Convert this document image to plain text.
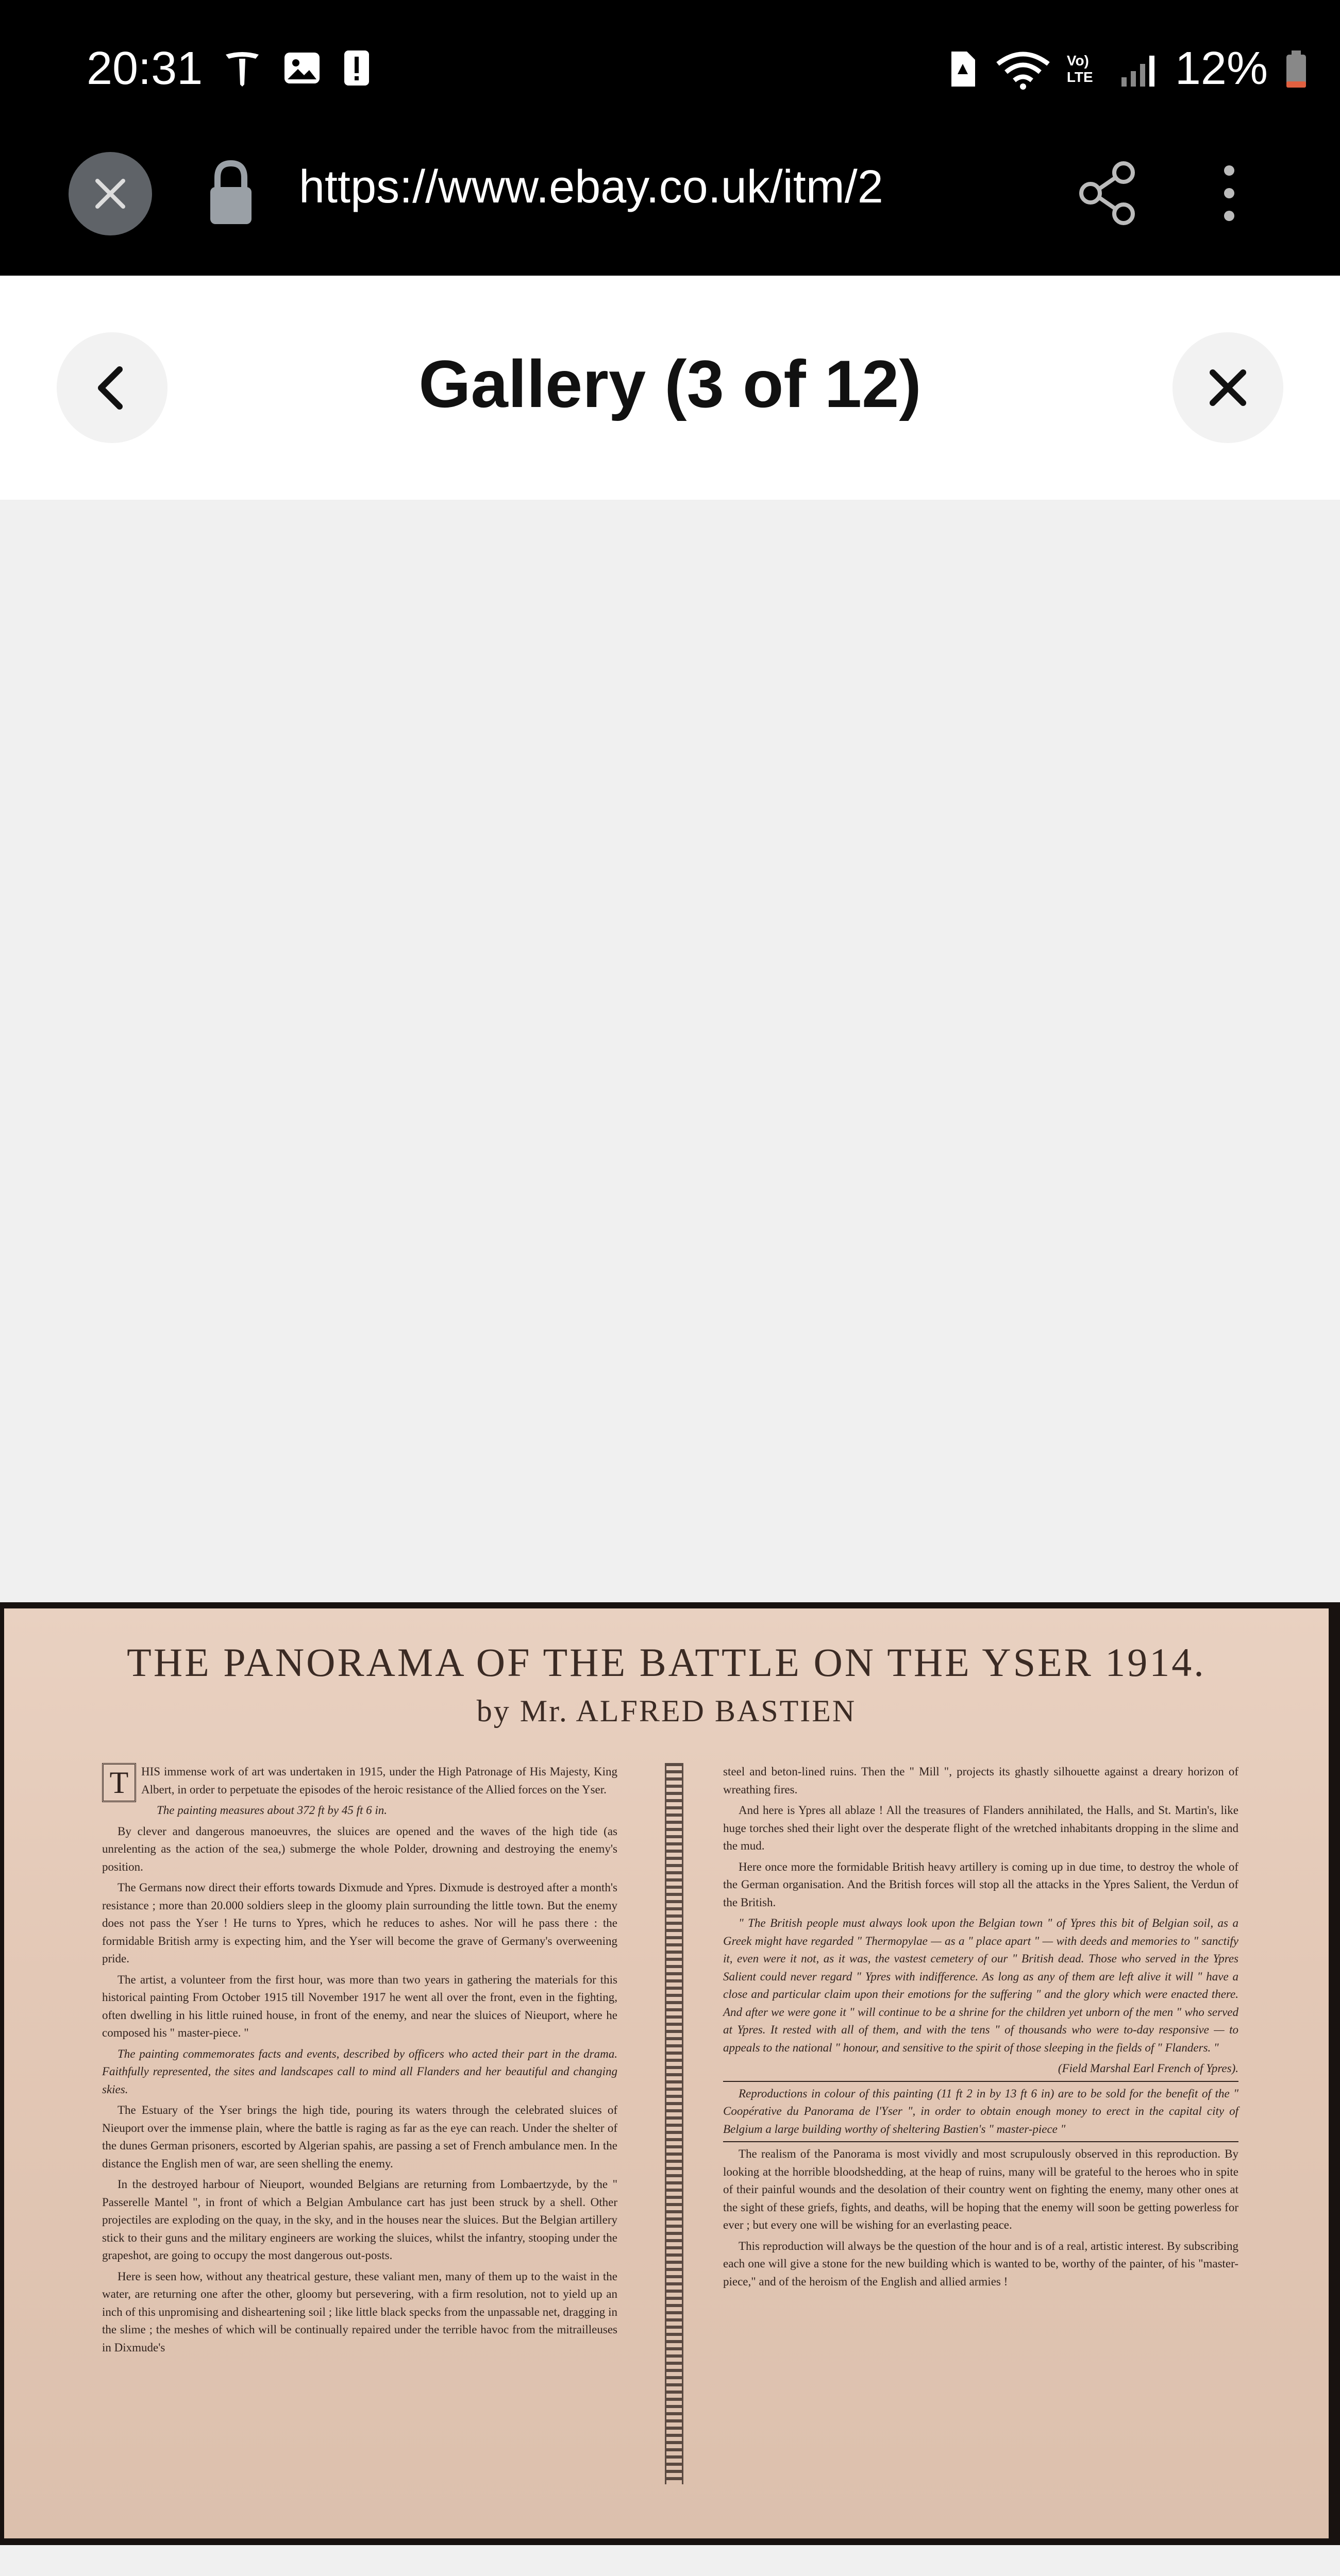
20:31	Vo) LTE 12%
https://www.ebay.co.uk/itm/2
Gallery (3 of 12)
THE PANORAMA OF THE BATTLE ON THE YSER 1914.
by Mr. ALFRED BASTIEN
T	HIS immense work of art was undertaken in 1915, under the High Patronage of His Majesty, King Albert, in order to perpetuate the episodes of the heroic resistance of the Allied forces on the Yser.

The painting measures about 372 ft by 45 ft 6 in.

By clever and dangerous manoeuvres, the sluices are opened and the waves of the high tide (as unrelenting as the action of the sea,) submerge the whole Polder, drowning and destroying the enemy's position.

The Germans now direct their efforts towards Dixmude and Ypres. Dixmude is destroyed after a month's resistance ; more than 20.000 soldiers sleep in the gloomy plain surrounding the little town. But the enemy does not pass the Yser ! He turns to Ypres, which he reduces to ashes. Nor will he pass there : the formidable British army is expecting him, and the Yser will become the grave of Germany's overweening pride.

The artist, a volunteer from the first hour, was more than two years in gathering the materials for this historical painting From October 1915 till November 1917 he went all over the front, even in the fighting, often dwelling in his little ruined house, in front of the enemy, and near the sluices of Nieuport, where he composed his " master-piece. "

The painting commemorates facts and events, described by officers who acted their part in the drama. Faithfully represented, the sites and landscapes call to mind all Flanders and her beautiful and changing skies.

The Estuary of the Yser brings the high tide, pouring its waters through the celebrated sluices of Nieuport over the immense plain, where the battle is raging as far as the eye can reach. Under the shelter of the dunes German prisoners, escorted by Algerian spahis, are passing a set of French ambulance men. In the distance the English men of war, are seen shelling the enemy.

In the destroyed harbour of Nieuport, wounded Belgians are returning from Lombaertzyde, by the " Passerelle Mantel ", in front of which a Belgian Ambulance cart has just been struck by a shell. Other projectiles are exploding on the quay, in the sky, and in the houses near the sluices. But the Belgian artillery stick to their guns and the military engineers are working the sluices, whilst the infantry, stooping under the grapeshot, are going to occupy the most dangerous out-posts.

Here is seen how, without any theatrical gesture, these valiant men, many of them up to the waist in the water, are returning one after the other, gloomy but persevering, with a firm resolution, not to yield up an inch of this unpromising and disheartening soil ; like little black specks from the unpassable net, dragging in the slime ; the meshes of which will be continually repaired under the terrible havoc from the mitrailleuses in Dixmude's

steel and beton-lined ruins. Then the " Mill ", projects its ghastly silhouette against a dreary horizon of wreathing fires.

And here is Ypres all ablaze ! All the treasures of Flanders annihilated, the Halls, and St. Martin's, like huge torches shed their light over the desperate flight of the wretched inhabitants dropping in the slime and the mud.

Here once more the formidable British heavy artillery is coming up in due time, to destroy the whole of the German organisation. And the British forces will stop all the attacks in the Ypres Salient, the Verdun of the British.

" The British people must always look upon the Belgian town " of Ypres this bit of Belgian soil, as a Greek might have regarded " Thermopylae — as a " place apart " — with deeds and memories to " sanctify it, even were it not, as it was, the vastest cemetery of our " British dead. Those who served in the Ypres Salient could never regard " Ypres with indifference. As long as any of them are left alive it will " have a close and particular claim upon their emotions for the suffering " and the glory which were enacted there. And after we were gone it " will continue to be a shrine for the children yet unborn of the men " who served at Ypres. It rested with all of them, and with the tens " of thousands who were to-day responsive — to appeals to the national " honour, and sensitive to the spirit of those sleeping in the fields of " Flanders. "

(Field Marshal Earl French of Ypres).

Reproductions in colour of this painting (11 ft 2 in by 13 ft 6 in) are to be sold for the benefit of the " Coopérative du Panorama de l'Yser ", in order to obtain enough money to erect in the capital city of Belgium a large building worthy of sheltering Bastien's " master-piece "

The realism of the Panorama is most vividly and most scrupulously observed in this reproduction. By looking at the horrible bloodshedding, at the heap of ruins, many will be grateful to the heroes who in spite of their painful wounds and the desolation of their country went on fighting the enemy, many other ones at the sight of these griefs, fights, and deaths, will be hoping that the enemy will soon be getting powerless for ever ; but every one will be wishing for an everlasting peace.

This reproduction will always be the question of the hour and is of a real, artistic interest. By subscribing each one will give a stone for the new building which is wanted to be, worthy of the painter, of his "master-piece," and of the heroism of the English and allied armies !
